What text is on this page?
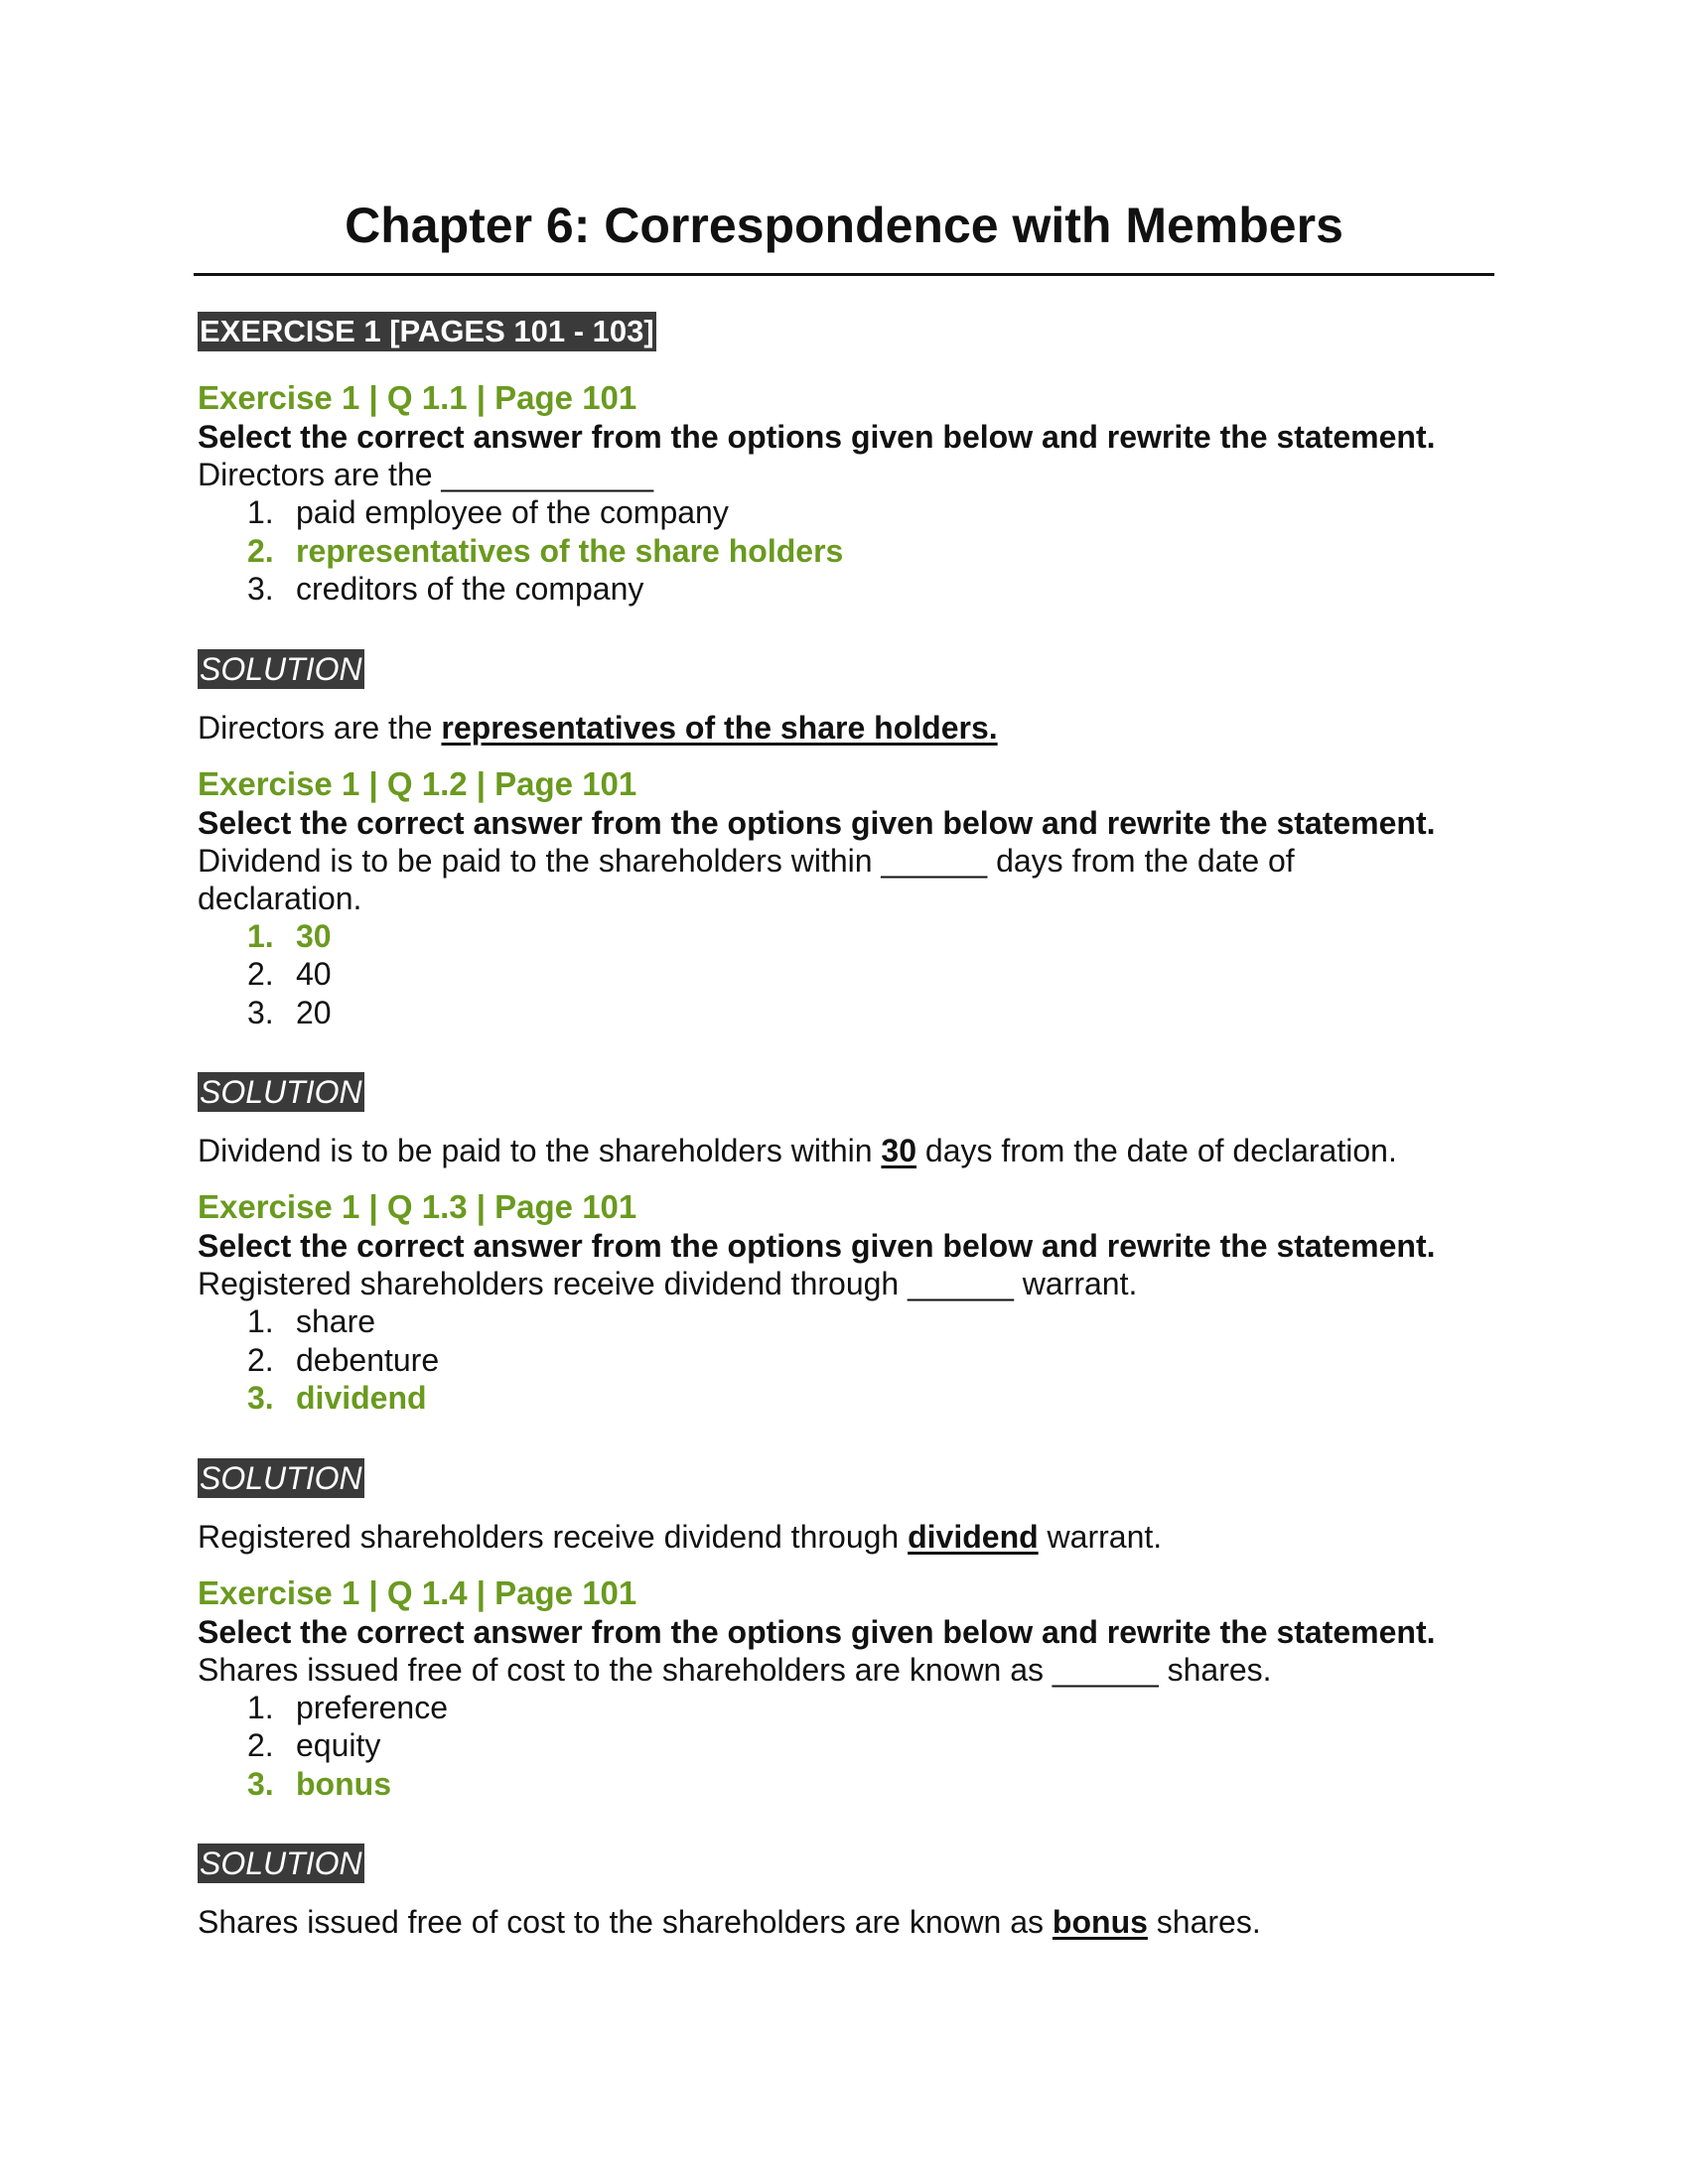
Chapter 6: Correspondence with Members
EXERCISE 1 [PAGES 101 - 103]

Exercise 1 | Q 1.1 | Page 101

Select the correct answer from the options given below and rewrite the statement.

Directors are the ____________

1. paid employee of the company
2. representatives of the share holders
3. creditors of the company
SOLUTION

Directors are the representatives of the share holders.

Exercise 1 | Q 1.2 | Page 101

Select the correct answer from the options given below and rewrite the statement.

Dividend is to be paid to the shareholders within ______ days from the date of declaration.

1. 30
2. 40
3. 20
SOLUTION

Dividend is to be paid to the shareholders within 30 days from the date of declaration.

Exercise 1 | Q 1.3 | Page 101

Select the correct answer from the options given below and rewrite the statement.

Registered shareholders receive dividend through ______ warrant.

1. share
2. debenture
3. dividend
SOLUTION

Registered shareholders receive dividend through dividend warrant.

Exercise 1 | Q 1.4 | Page 101

Select the correct answer from the options given below and rewrite the statement.

Shares issued free of cost to the shareholders are known as ______ shares.

1. preference
2. equity
3. bonus
SOLUTION

Shares issued free of cost to the shareholders are known as bonus shares.
